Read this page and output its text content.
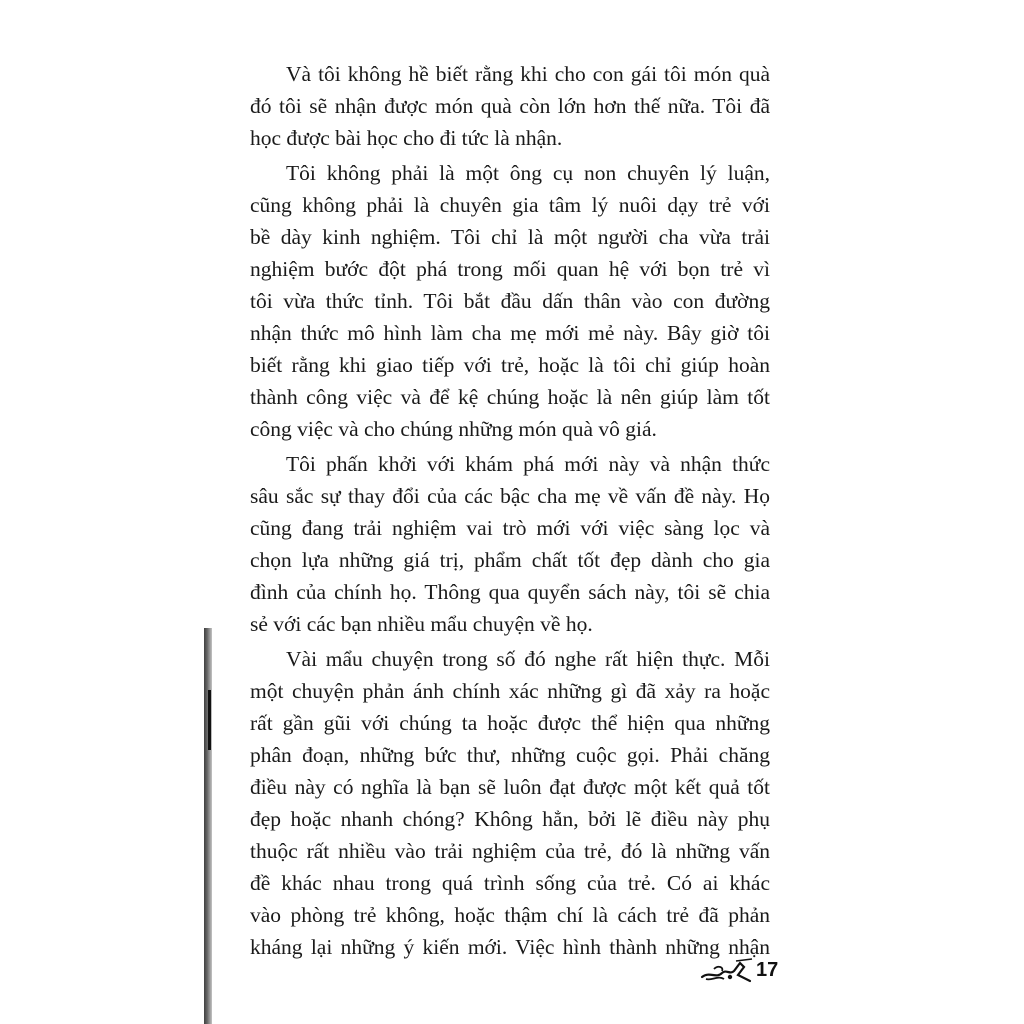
Và tôi không hề biết rằng khi cho con gái tôi món quà
đó tôi sẽ nhận được món quà còn lớn hơn thế nữa. Tôi đã
học được bài học cho đi tức là nhận.
Tôi không phải là một ông cụ non chuyên lý luận,
cũng không phải là chuyên gia tâm lý nuôi dạy trẻ với
bề dày kinh nghiệm. Tôi chỉ là một người cha vừa trải
nghiệm bước đột phá trong mối quan hệ với bọn trẻ vì
tôi vừa thức tỉnh. Tôi bắt đầu dấn thân vào con đường
nhận thức mô hình làm cha mẹ mới mẻ này. Bây giờ tôi
biết rằng khi giao tiếp với trẻ, hoặc là tôi chỉ giúp hoàn
thành công việc và để kệ chúng hoặc là nên giúp làm tốt
công việc và cho chúng những món quà vô giá.
Tôi phấn khởi với khám phá mới này và nhận thức
sâu sắc sự thay đổi của các bậc cha mẹ về vấn đề này. Họ
cũng đang trải nghiệm vai trò mới với việc sàng lọc và
chọn lựa những giá trị, phẩm chất tốt đẹp dành cho gia
đình của chính họ. Thông qua quyển sách này, tôi sẽ chia
sẻ với các bạn nhiều mẩu chuyện về họ.
Vài mẩu chuyện trong số đó nghe rất hiện thực. Mỗi
một chuyện phản ánh chính xác những gì đã xảy ra hoặc
rất gần gũi với chúng ta hoặc được thể hiện qua những
phân đoạn, những bức thư, những cuộc gọi. Phải chăng
điều này có nghĩa là bạn sẽ luôn đạt được một kết quả tốt
đẹp hoặc nhanh chóng? Không hẳn, bởi lẽ điều này phụ
thuộc rất nhiều vào trải nghiệm của trẻ, đó là những vấn
đề khác nhau trong quá trình sống của trẻ. Có ai khác
vào phòng trẻ không, hoặc thậm chí là cách trẻ đã phản
kháng lại những ý kiến mới. Việc hình thành những nhận
17
